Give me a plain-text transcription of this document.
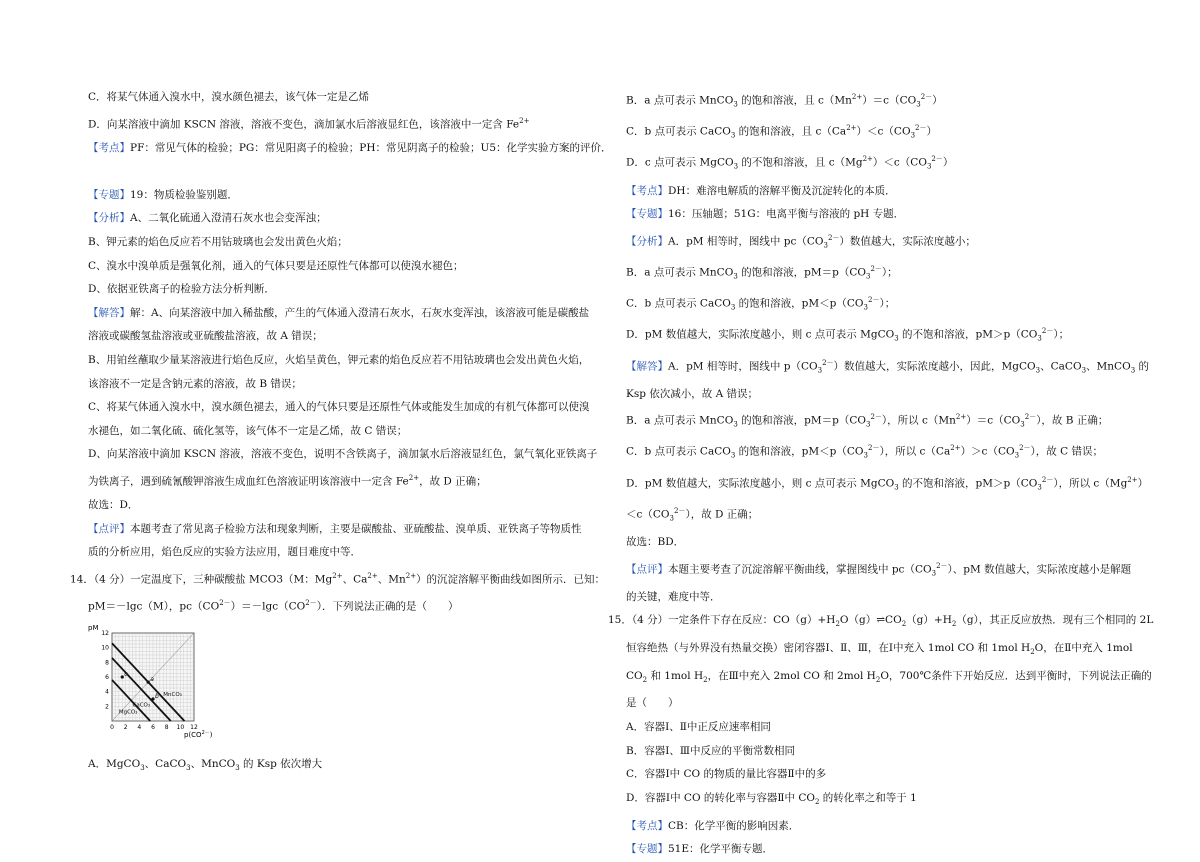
C．将某气体通入溴水中，溴水颜色褪去，该气体一定是乙烯

D．向某溶液中滴加 KSCN 溶液，溶液不变色，滴加氯水后溶液显红色，该溶液中一定含 $Fe^{2+}$

【考点】PF：常见气体的检验；PG：常见阳离子的检验；PH：常见阴离子的检验；U5：化学实验方案的评价．

【专题】19：物质检验鉴别题．

【分析】A、二氧化硫通入澄清石灰水也会变浑浊；

B、钾元素的焰色反应若不用钴玻璃也会发出黄色火焰；

C、溴水中溴单质是强氧化剂，通入的气体只要是还原性气体都可以使溴水褪色；

D、依据亚铁离子的检验方法分析判断．

【解答】解：A、向某溶液中加入稀盐酸，产生的气体通入澄清石灰水，石灰水变浑浊，该溶液可能是碳酸盐

溶液或碳酸氢盐溶液或亚硫酸盐溶液，故 A 错误；

B、用铂丝蘸取少量某溶液进行焰色反应，火焰呈黄色，钾元素的焰色反应若不用钴玻璃也会发出黄色火焰，

该溶液不一定是含钠元素的溶液，故 B 错误；

C、将某气体通入溴水中，溴水颜色褪去，通入的气体只要是还原性气体或能发生加成的有机气体都可以使溴

水褪色，如二氧化硫、硫化氢等，该气体不一定是乙烯，故 C 错误；

D、向某溶液中滴加 KSCN 溶液，溶液不变色，说明不含铁离子，滴加氯水后溶液显红色，氯气氧化亚铁离子

为铁离子，遇到硫氰酸钾溶液生成血红色溶液证明该溶液中一定含 $Fe^{2+}$，故 D 正确；

故选：D．

【点评】本题考查了常见离子检验方法和现象判断，主要是碳酸盐、亚硫酸盐、溴单质、亚铁离子等物质性

质的分析应用，焰色反应的实验方法应用，题目难度中等．

14．（4 分）一定温度下，三种碳酸盐 MCO3（M：$Mg^{2+}$、$Ca^{2+}$、$Mn^{2+}$）的沉淀溶解平衡曲线如图所示．已知：

pM＝－lgc（M），$pc(CO^{2-})=-\lg c(CO^{2-})$．下列说法正确的是（　　）

MnCO₃
CaCO₃
MgCO₃
a
b
c
12
10
8
6
4
2
0 2 4 6 8 10 12
pM
$p(CO^{2-})$

A．MgCO$_3$、CaCO$_3$、MnCO$_3$ 的 Ksp 依次增大

B．a 点可表示 MnCO$_3$ 的饱和溶液，且 $c(Mn^{2+})=c(CO_3^{2-})$

C．b 点可表示 CaCO$_3$ 的饱和溶液，且 $c(Ca^{2+})<c(CO_3^{2-})$

D．c 点可表示 MgCO$_3$ 的不饱和溶液，且 $c(Mg^{2+})<c(CO_3^{2-})$

【考点】DH：难溶电解质的溶解平衡及沉淀转化的本质．

【专题】16：压轴题；51G：电离平衡与溶液的 pH 专题．

【分析】A．pM 相等时，图线中 $pc(CO_3^{2-})$数值越大，实际浓度越小；

B．a 点可表示 MnCO$_3$ 的饱和溶液，$pM=p(CO_3^{2-})$；

C．b 点可表示 CaCO$_3$ 的饱和溶液，$pM<p(CO_3^{2-})$；

D．pM 数值越大，实际浓度越小，则 c 点可表示 MgCO$_3$ 的不饱和溶液，$pM>p(CO_3^{2-})$；

【解答】A．pM 相等时，图线中 $p(CO_3^{2-})$数值越大，实际浓度越小，因此，MgCO$_3$、CaCO$_3$、MnCO$_3$ 的

Ksp 依次减小，故 A 错误；

B．a 点可表示 MnCO$_3$ 的饱和溶液，$pM=p(CO_3^{2-})$，所以 $c(Mn^{2+})=c(CO_3^{2-})$，故 B 正确；

C．b 点可表示 CaCO$_3$ 的饱和溶液，$pM<p(CO_3^{2-})$，所以 $c(Ca^{2+})>c(CO_3^{2-})$，故 C 错误；

D．pM 数值越大，实际浓度越小，则 c 点可表示 MgCO$_3$ 的不饱和溶液，$pM>p(CO_3^{2-})$，所以 $c(Mg^{2+})$

$<c(CO_3^{2-})$，故 D 正确；

故选：BD．

【点评】本题主要考查了沉淀溶解平衡曲线，掌握图线中 $pc(CO_3^{2-})$、pM 数值越大，实际浓度越小是解题

的关键，难度中等．

15．（4 分）一定条件下存在反应：$CO(g)+H_2O(g)\rightleftharpoons CO_2(g)+H_2(g)$，其正反应放热．现有三个相同的 2L

恒容绝热（与外界没有热量交换）密闭容器Ⅰ、Ⅱ、Ⅲ，在Ⅰ中充入 1mol CO 和 1mol $H_2O$，在Ⅱ中充入 1mol

$CO_2$ 和 1mol $H_2$，在Ⅲ中充入 2mol CO 和 2mol $H_2O$，700℃条件下开始反应．达到平衡时，下列说法正确的

是（　　）

A．容器Ⅰ、Ⅱ中正反应速率相同

B．容器Ⅰ、Ⅲ中反应的平衡常数相同

C．容器Ⅰ中 CO 的物质的量比容器Ⅱ中的多

D．容器Ⅰ中 CO 的转化率与容器Ⅱ中 $CO_2$ 的转化率之和等于 1

【考点】CB：化学平衡的影响因素．

【专题】51E：化学平衡专题．
